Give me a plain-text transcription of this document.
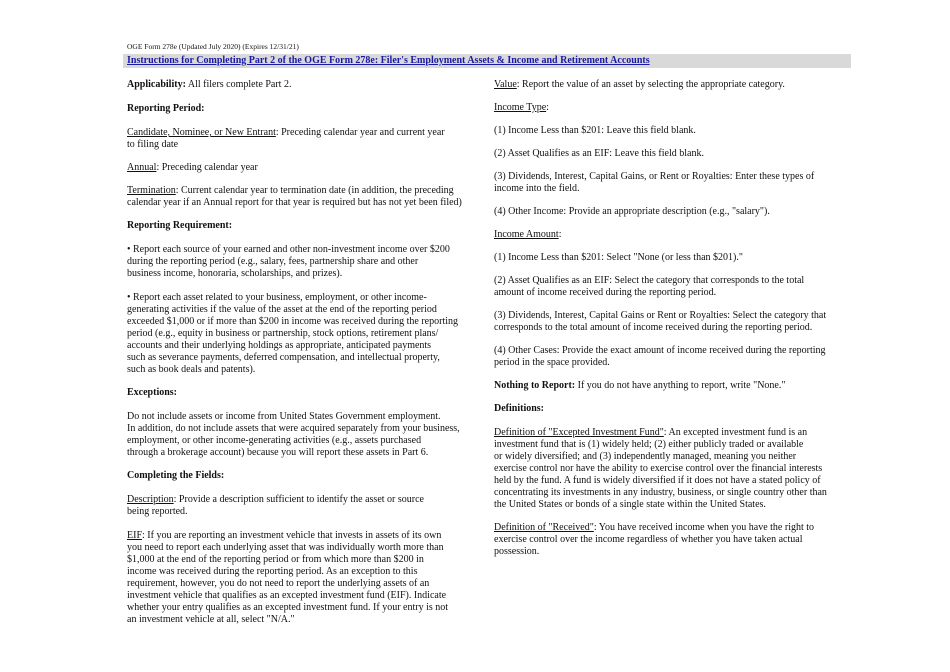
OGE Form 278e (Updated July 2020) (Expires 12/31/21)
Instructions for Completing Part 2 of the OGE Form 278e: Filer's Employment Assets & Income and Retirement Accounts

Applicability: All filers complete Part 2.

Reporting Period:

Candidate, Nominee, or New Entrant: Preceding calendar year and current year
to filing date

Annual: Preceding calendar year

Termination: Current calendar year to termination date (in addition, the preceding
calendar year if an Annual report for that year is required but has not yet been filed)

Reporting Requirement:

• Report each source of your earned and other non-investment income over $200
during the reporting period (e.g., salary, fees, partnership share and other
business income, honoraria, scholarships, and prizes).

• Report each asset related to your business, employment, or other income-
generating activities if the value of the asset at the end of the reporting period
exceeded $1,000 or if more than $200 in income was received during the reporting
period (e.g., equity in business or partnership, stock options, retirement plans/
accounts and their underlying holdings as appropriate, anticipated payments
such as severance payments, deferred compensation, and intellectual property,
such as book deals and patents).

Exceptions:

Do not include assets or income from United States Government employment.
In addition, do not include assets that were acquired separately from your business,
employment, or other income-generating activities (e.g., assets purchased
through a brokerage account) because you will report these assets in Part 6.

Completing the Fields:

Description: Provide a description sufficient to identify the asset or source
being reported.

EIF: If you are reporting an investment vehicle that invests in assets of its own
you need to report each underlying asset that was individually worth more than
$1,000 at the end of the reporting period or from which more than $200 in
income was received during the reporting period. As an exception to this
requirement, however, you do not need to report the underlying assets of an
investment vehicle that qualifies as an excepted investment fund (EIF). Indicate
whether your entry qualifies as an excepted investment fund. If your entry is not
an investment vehicle at all, select "N/A."

Value: Report the value of an asset by selecting the appropriate category.

Income Type:

(1) Income Less than $201: Leave this field blank.

(2) Asset Qualifies as an EIF: Leave this field blank.

(3) Dividends, Interest, Capital Gains, or Rent or Royalties: Enter these types of
income into the field.

(4) Other Income: Provide an appropriate description (e.g., "salary").

Income Amount:

(1) Income Less than $201: Select "None (or less than $201)."

(2) Asset Qualifies as an EIF: Select the category that corresponds to the total
amount of income received during the reporting period.

(3) Dividends, Interest, Capital Gains or Rent or Royalties: Select the category that
corresponds to the total amount of income received during the reporting period.

(4) Other Cases: Provide the exact amount of income received during the reporting
period in the space provided.

Nothing to Report: If you do not have anything to report, write "None."

Definitions:

Definition of "Excepted Investment Fund": An excepted investment fund is an
investment fund that is (1) widely held; (2) either publicly traded or available
or widely diversified; and (3) independently managed, meaning you neither
exercise control nor have the ability to exercise control over the financial interests
held by the fund. A fund is widely diversified if it does not have a stated policy of
concentrating its investments in any industry, business, or single country other than
the United States or bonds of a single state within the United States.

Definition of "Received": You have received income when you have the right to
exercise control over the income regardless of whether you have taken actual
possession.
